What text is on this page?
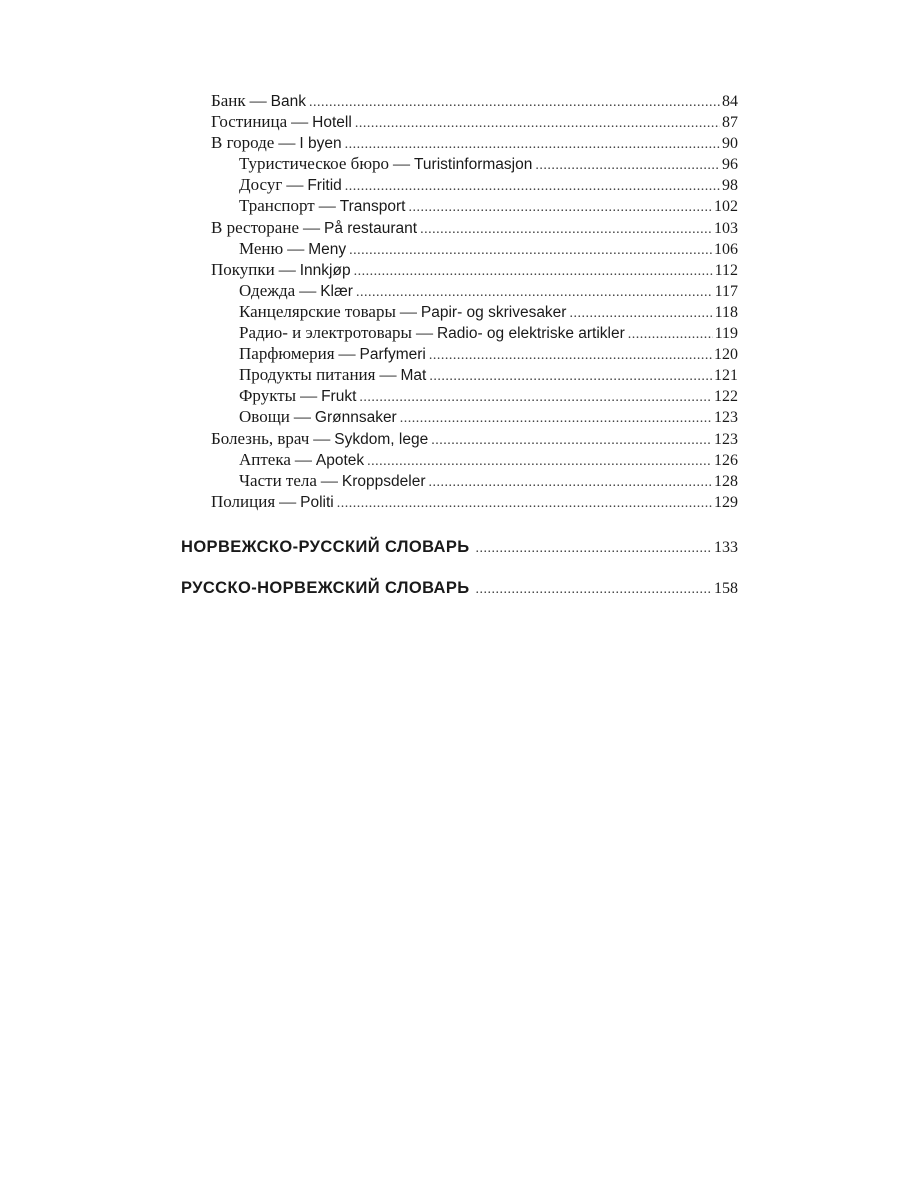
Банк — Bank .....	84
Гостиница — Hotell .....	87
В городе — I byen .....	90
Туристическое бюро — Turistinformasjon .....	96
Досуг — Fritid .....	98
Транспорт — Transport .....	102
В ресторане — På restaurant .....	103
Меню — Meny .....	106
Покупки — Innkjøp .....	112
Одежда — Klær .....	117
Канцелярские товары — Papir- og skrivesaker .....	118
Радио- и электротовары — Radio- og elektriske artikler .....	119
Парфюмерия — Parfymeri .....	120
Продукты питания — Mat .....	121
Фрукты — Frukt .....	122
Овощи — Grønnsaker .....	123
Болезнь, врач — Sykdom, lege .....	123
Аптека — Apotek .....	126
Части тела — Kroppsdeler .....	128
Полиция — Politi .....	129
НОРВЕЖСКО-РУССКИЙ СЛОВАРЬ .....	133
РУССКО-НОРВЕЖСКИЙ СЛОВАРЬ .....	158
